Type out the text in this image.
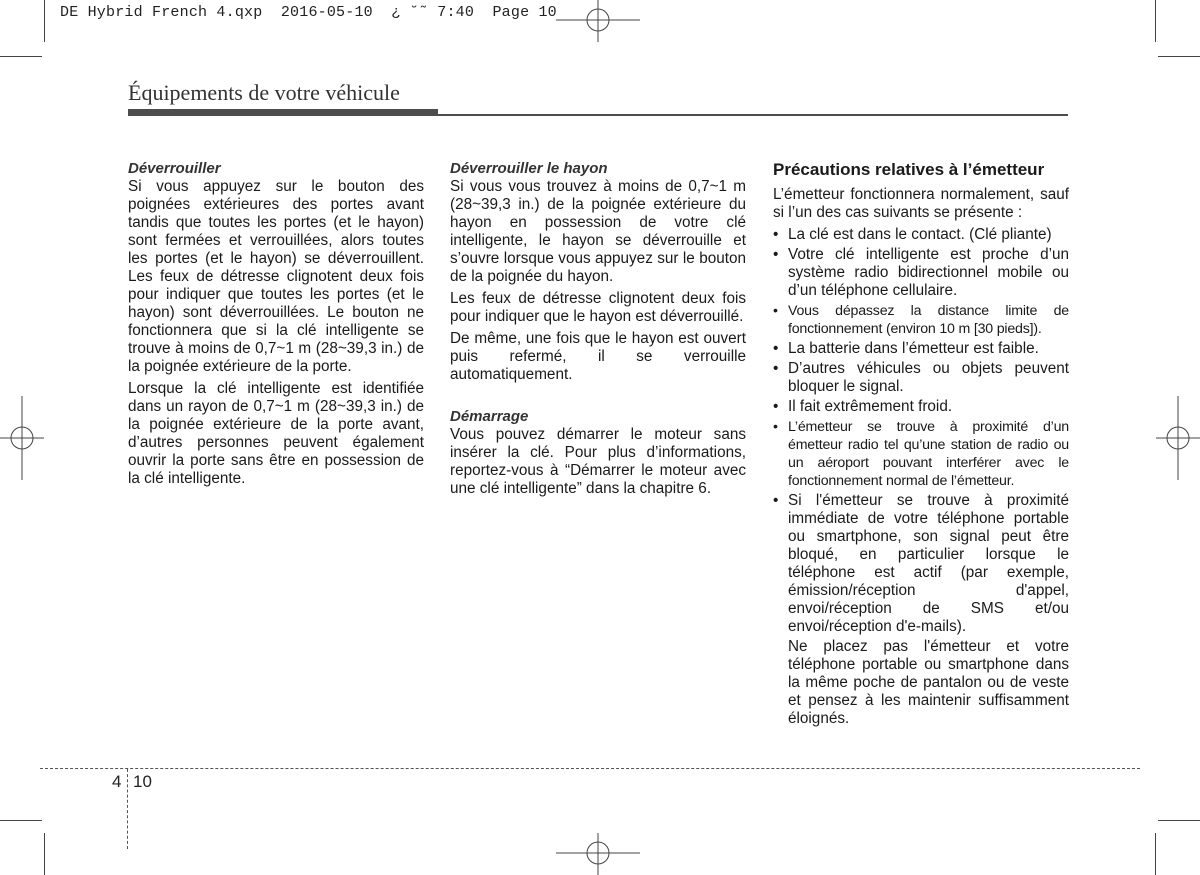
DE Hybrid French 4.qxp  2016-05-10  ¿ ˘˜ 7:40  Page 10
Équipements de votre véhicule
Déverrouiller

Si vous appuyez sur le bouton des poignées extérieures des portes avant tandis que toutes les portes (et le hayon) sont fermées et verrouillées, alors toutes les portes (et le hayon) se déverrouillent. Les feux de détresse clignotent deux fois pour indiquer que toutes les portes (et le hayon) sont déverrouillées. Le bouton ne fonctionnera que si la clé intelligente se trouve à moins de 0,7~1 m (28~39,3 in.) de la poignée extérieure de la porte.

Lorsque la clé intelligente est identifiée dans un rayon de 0,7~1 m (28~39,3 in.) de la poignée extérieure de la porte avant, d’autres personnes peuvent également ouvrir la porte sans être en possession de la clé intelligente.

Déverrouiller le hayon

Si vous vous trouvez à moins de 0,7~1 m (28~39,3 in.) de la poignée extérieure du hayon en possession de votre clé intelligente, le hayon se déverrouille et s’ouvre lorsque vous appuyez sur le bouton de la poignée du hayon.

Les feux de détresse clignotent deux fois pour indiquer que le hayon est déverrouillé.

De même, une fois que le hayon est ouvert puis refermé, il se verrouille automatiquement.

Démarrage

Vous pouvez démarrer le moteur sans insérer la clé. Pour plus d’informations, reportez-vous à “Démarrer le moteur avec une clé intelligente” dans la chapitre 6.

Précautions relatives à l’émetteur

L’émetteur fonctionnera normalement, sauf si l’un des cas suivants se présente :

• La clé est dans le contact. (Clé pliante)
• Votre clé intelligente est proche d’un système radio bidirectionnel mobile ou d’un téléphone cellulaire.
• Vous dépassez la distance limite de fonctionnement (environ 10 m [30 pieds]).
• La batterie dans l’émetteur est faible.
• D’autres véhicules ou objets peuvent bloquer le signal.
• Il fait extrêmement froid.
• L’émetteur se trouve à proximité d’un émetteur radio tel qu’une station de radio ou un aéroport pouvant interférer avec le fonctionnement normal de l’émetteur.
• Si l'émetteur se trouve à proximité immédiate de votre téléphone portable ou smartphone, son signal peut être bloqué, en particulier lorsque le téléphone est actif (par exemple, émission/réception d'appel, envoi/réception de SMS et/ou envoi/réception d'e-mails).

Ne placez pas l'émetteur et votre téléphone portable ou smartphone dans la même poche de pantalon ou de veste et pensez à les maintenir suffisamment éloignés.

4 10
